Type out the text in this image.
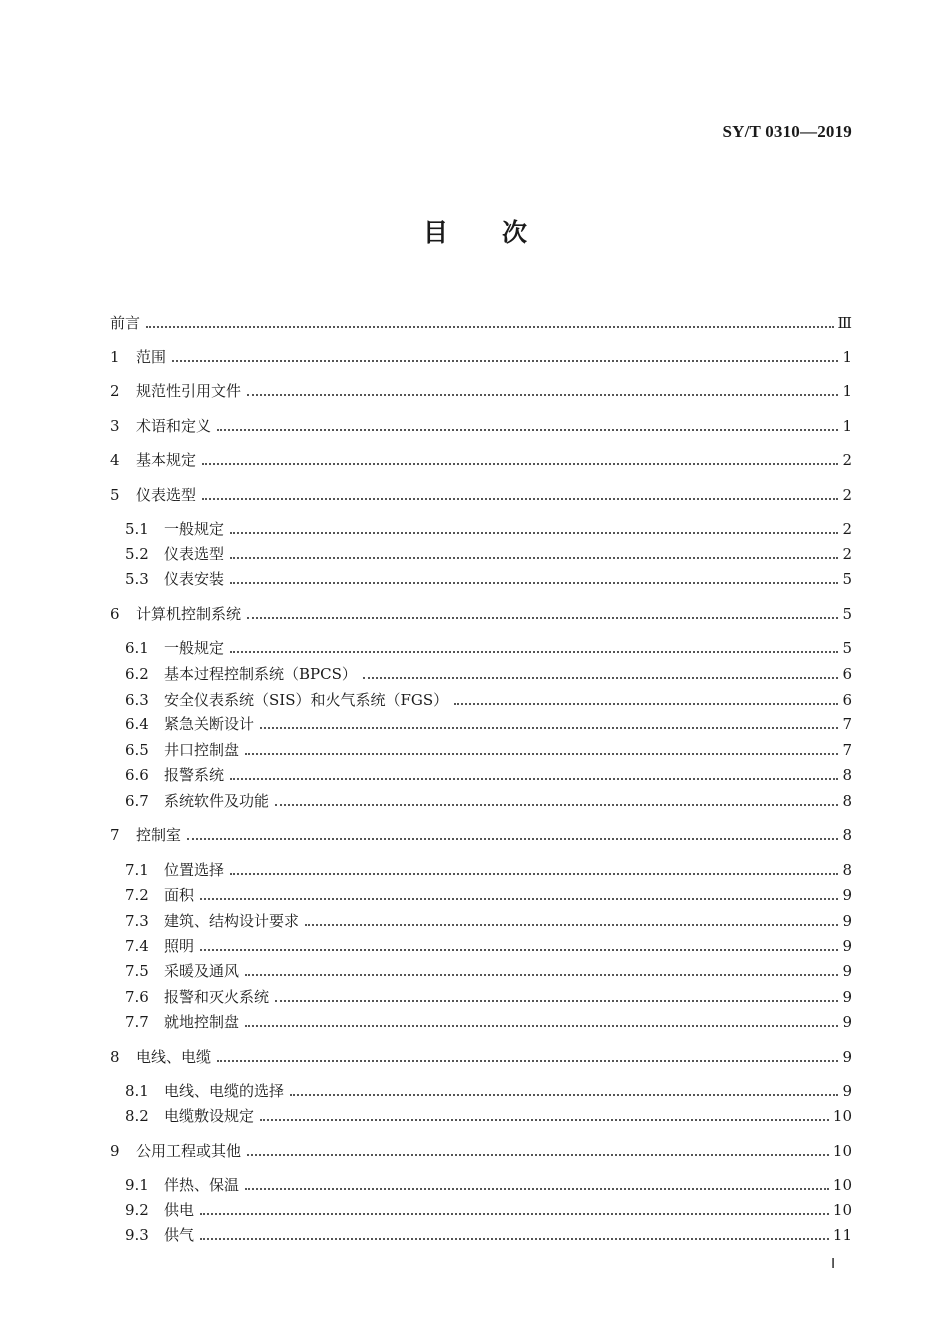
SY/T 0310—2019
目 次
前言	Ⅲ
1	范围	1
2	规范性引用文件	1
3	术语和定义	1
4	基本规定	2
5	仪表选型	2
5.1	一般规定	2
5.2	仪表选型	2
5.3	仪表安装	5
6	计算机控制系统	5
6.1	一般规定	5
6.2	基本过程控制系统（BPCS）	6
6.3	安全仪表系统（SIS）和火气系统（FGS）	6
6.4	紧急关断设计	7
6.5	井口控制盘	7
6.6	报警系统	8
6.7	系统软件及功能	8
7	控制室	8
7.1	位置选择	8
7.2	面积	9
7.3	建筑、结构设计要求	9
7.4	照明	9
7.5	采暖及通风	9
7.6	报警和灭火系统	9
7.7	就地控制盘	9
8	电线、电缆	9
8.1	电线、电缆的选择	9
8.2	电缆敷设规定	10
9	公用工程或其他	10
9.1	伴热、保温	10
9.2	供电	10
9.3	供气	11
Ⅰ
